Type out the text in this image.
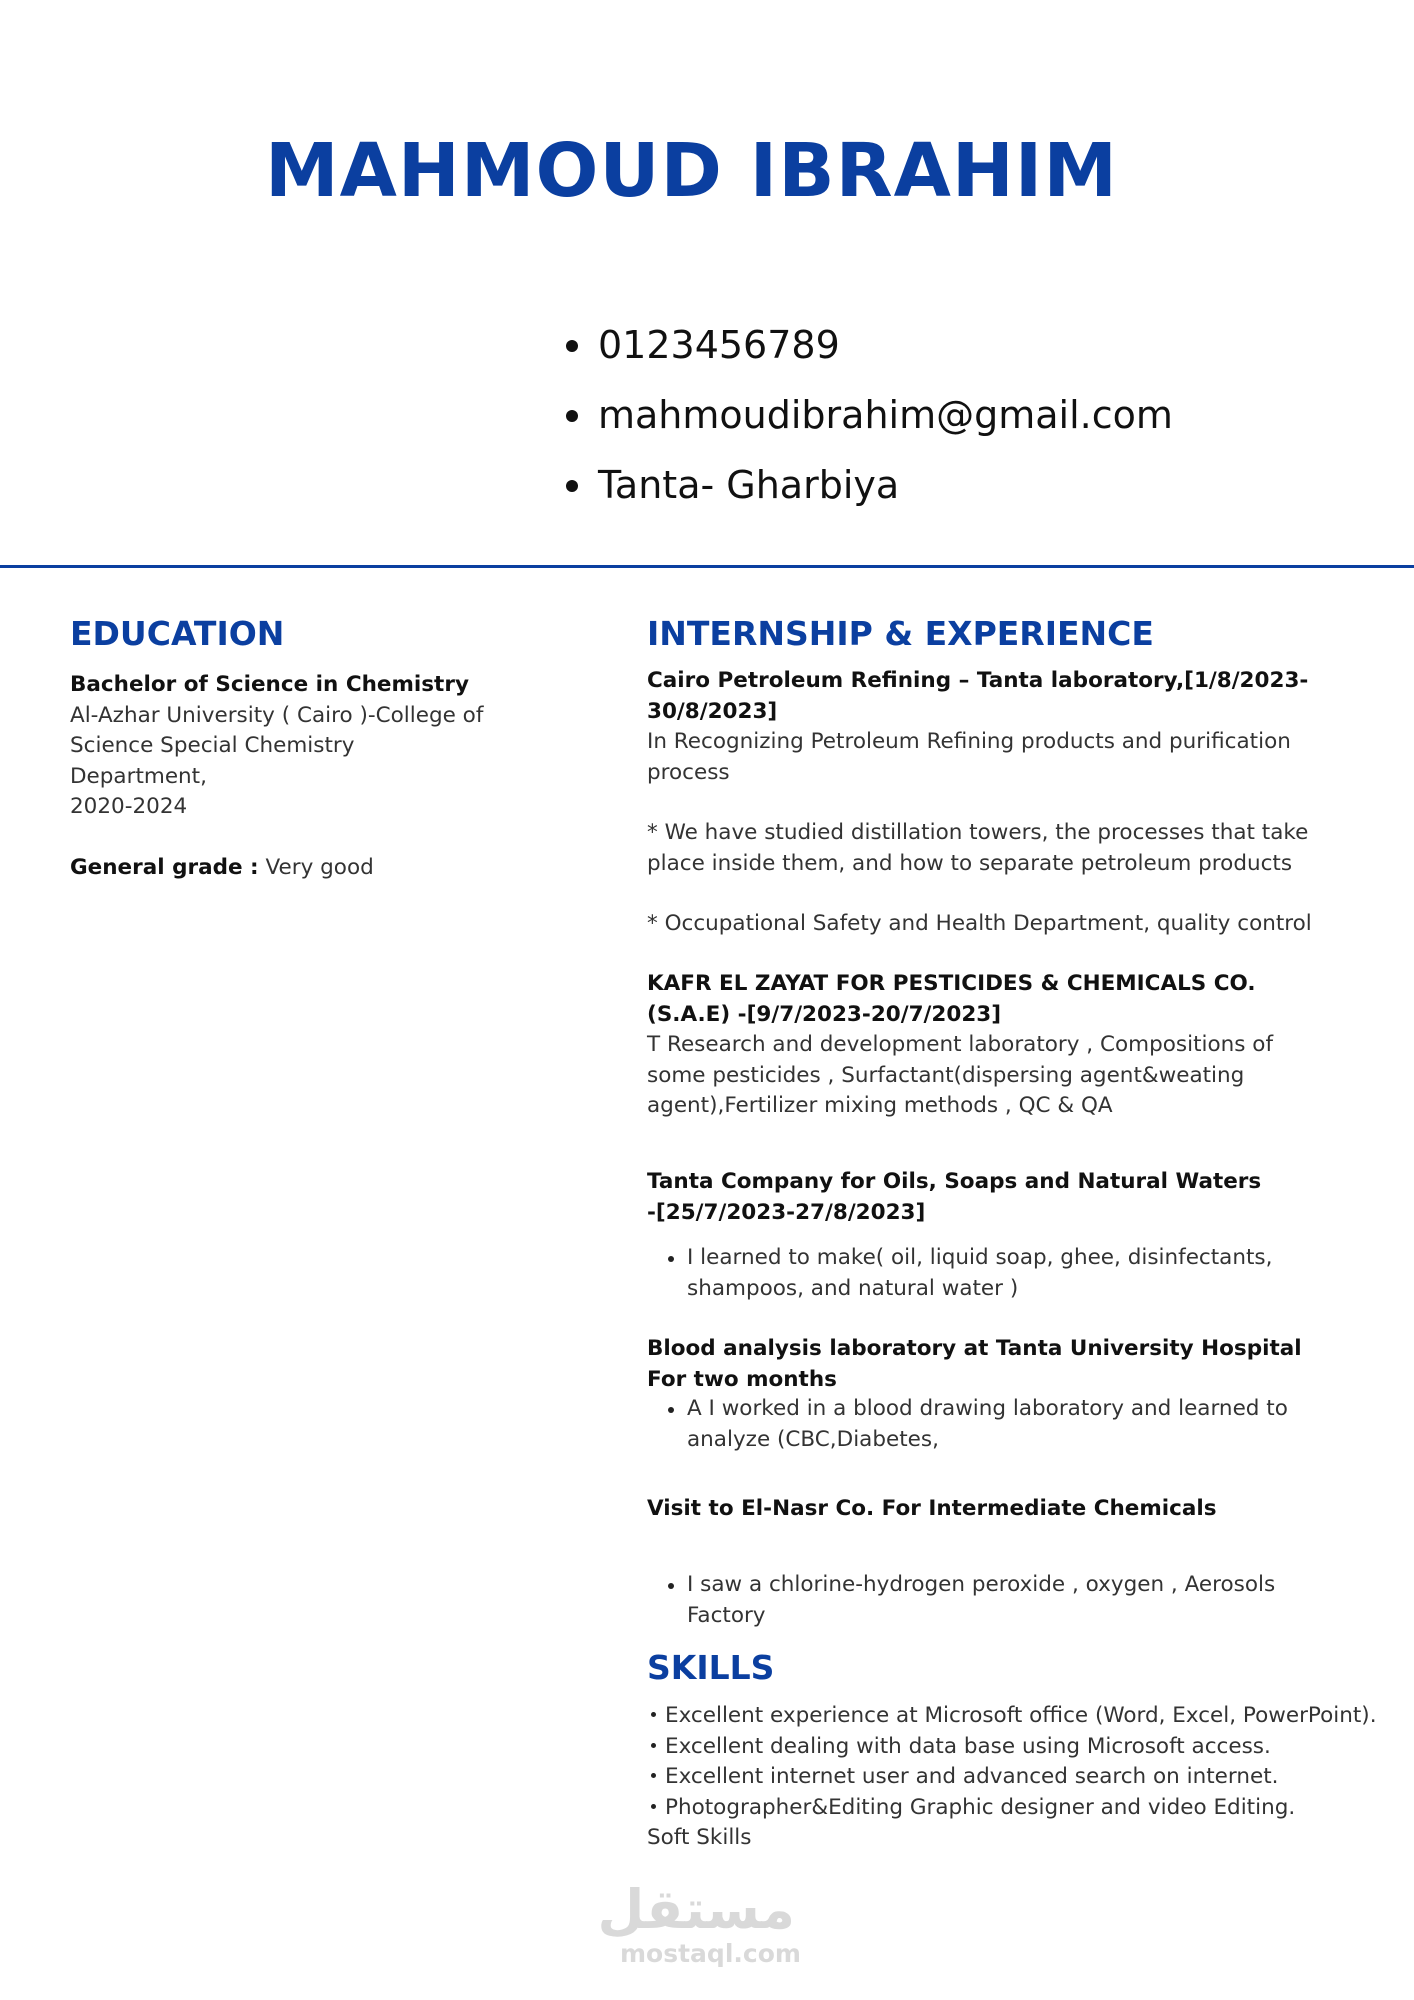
MAHMOUD IBRAHIM
0123456789
mahmoudibrahim@gmail.com
Tanta- Gharbiya
EDUCATION

Bachelor of Science in Chemistry

Al-Azhar University ( Cairo )-College of
Science Special Chemistry Department,
2020-2024

General grade : Very good

INTERNSHIP & EXPERIENCE

Cairo Petroleum Refining – Tanta laboratory,[1/8/2023-
30/8/2023]

In Recognizing Petroleum Refining products and purification
process

* We have studied distillation towers, the processes that take
place inside them, and how to separate petroleum products

* Occupational Safety and Health Department, quality control

KAFR EL ZAYAT FOR PESTICIDES & CHEMICALS CO.
(S.A.E) -[9/7/2023-20/7/2023]

T Research and development laboratory , Compositions of
some pesticides , Surfactant(dispersing agent&weating
agent),Fertilizer mixing methods , QC & QA

Tanta Company for Oils, Soaps and Natural Waters
-[25/7/2023-27/8/2023]

I learned to make( oil, liquid soap, ghee, disinfectants,
shampoos, and natural water )

Blood analysis laboratory at Tanta University Hospital
For two months

A I worked in a blood drawing laboratory and learned to
analyze (CBC,Diabetes,

Visit to El-Nasr Co. For Intermediate Chemicals

I saw a chlorine-hydrogen peroxide , oxygen , Aerosols
Factory
SKILLS
Excellent experience at Microsoft office (Word, Excel, PowerPoint).
Excellent dealing with data base using Microsoft access.
Excellent internet user and advanced search on internet.
Photographer&Editing Graphic designer and video Editing.
Soft Skills
مستقل
mostaql.com
